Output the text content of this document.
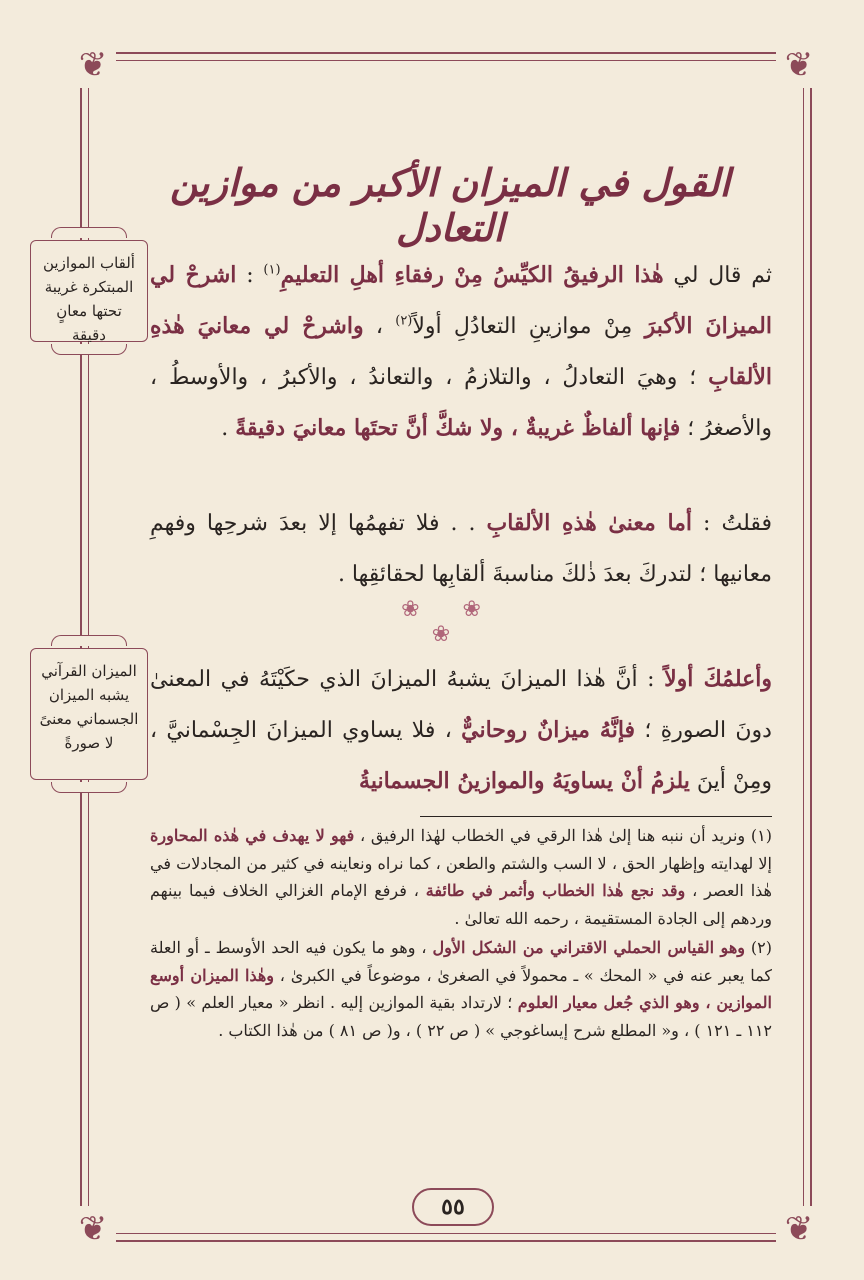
❦	❦
❦	❦
القول في الميزان الأكبر من موازين التعادل
ألقاب الموازين المبتكرة غريبة تحتها معانٍ دقيقة
الميزان القرآني يشبه الميزان الجسماني معنىً لا صورةً

ثم قال لي هٰذا الرفيقُ الكيِّسُ مِنْ رفقاءِ أهلِ التعليمِ$^{(١)}$ : اشرحْ لي الميزانَ الأكبرَ مِنْ موازينِ التعادُلِ أولاً$^{(٢)}$ ، واشرحْ لي معانيَ هٰذهِ الألقابِ ؛ وهيَ التعادلُ ، والتلازمُ ، والتعاندُ ، والأكبرُ ، والأوسطُ ، والأصغرُ ؛ فإنها ألفاظٌ غريبةٌ ، ولا شكَّ أنَّ تحتَها معانيَ دقيقةً .

فقلتُ : أما معنىٰ هٰذهِ الألقابِ . . فلا تفهمُها إلا بعدَ شرحِها وفهمِ معانيها ؛ لتدركَ بعدَ ذٰلكَ مناسبةَ ألقابِها لحقائقِها .

❀ ❀ ❀

وأعلمُكَ أولاً : أنَّ هٰذا الميزانَ يشبهُ الميزانَ الذي حكَيْتَهُ في المعنىٰ دونَ الصورةِ ؛ فإنَّهُ ميزانٌ روحانيٌّ ، فلا يساوي الميزانَ الجِسْمانيَّ ، ومِنْ أينَ يلزمُ أنْ يساويَهُ والموازينُ الجسمانيةُ

(١) ونريد أن ننبه هنا إلىٰ هٰذا الرقي في الخطاب لهٰذا الرفيق ، فهو لا يهدف في هٰذه المحاورة إلا لهدايته وإظهار الحق ، لا السب والشتم والطعن ، كما نراه ونعاينه في كثير من المجادلات في هٰذا العصر ، وقد نجع هٰذا الخطاب وأثمر في طائفة ، فرفع الإمام الغزالي الخلاف فيما بينهم وردهم إلى الجادة المستقيمة ، رحمه الله تعالىٰ .

(٢) وهو القياس الحملي الاقتراني من الشكل الأول ، وهو ما يكون فيه الحد الأوسط ـ أو العلة كما يعبر عنه في « المحك » ـ محمولاً في الصغرىٰ ، موضوعاً في الكبرىٰ ، وهٰذا الميزان أوسع الموازين ، وهو الذي جُعل معيار العلوم ؛ لارتداد بقية الموازين إليه . انظر « معيار العلم » ( ص ١١٢ ـ ١٢١ ) ، و« المطلع شرح إيساغوجي » ( ص ٢٢ ) ، و( ص ٨١ ) من هٰذا الكتاب .

٥٥
